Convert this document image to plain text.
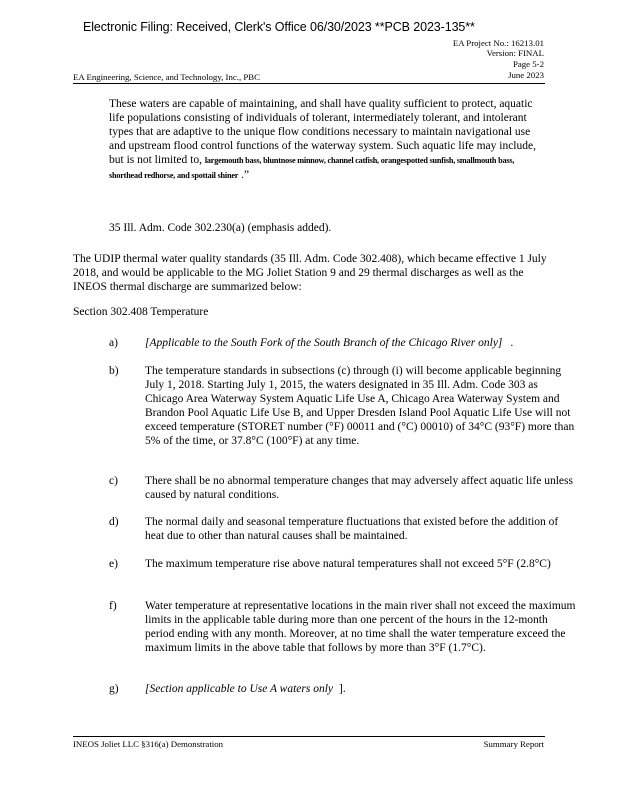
Electronic Filing: Received, Clerk's Office 06/30/2023 **PCB 2023-135**
EA Project No.: 16213.01
Version: FINAL
Page 5-2
June 2023
EA Engineering, Science, and Technology, Inc., PBC
These waters are capable of maintaining, and shall have quality sufficient to protect, aquatic life populations consisting of individuals of tolerant, intermediately tolerant, and intolerant types that are adaptive to the unique flow conditions necessary to maintain navigational use and upstream flood control functions of the waterway system. Such aquatic life may include, but is not limited to, largemouth bass, bluntnose minnow, channel catfish, orangespotted sunfish, smallmouth bass, shorthead redhorse, and spottail shiner .”
35 Ill. Adm. Code 302.230(a) (emphasis added).
The UDIP thermal water quality standards (35 Ill. Adm. Code 302.408), which became effective 1 July 2018, and would be applicable to the MG Joliet Station 9 and 29 thermal discharges as well as the INEOS thermal discharge are summarized below:
Section 302.408 Temperature
a) [Applicable to the South Fork of the South Branch of the Chicago River only] .
b) The temperature standards in subsections (c) through (i) will become applicable beginning July 1, 2018. Starting July 1, 2015, the waters designated in 35 Ill. Adm. Code 303 as Chicago Area Waterway System Aquatic Life Use A, Chicago Area Waterway System and Brandon Pool Aquatic Life Use B, and Upper Dresden Island Pool Aquatic Life Use will not exceed temperature (STORET number (°F) 00011 and (°C) 00010) of 34°C (93°F) more than 5% of the time, or 37.8°C (100°F) at any time.
c) There shall be no abnormal temperature changes that may adversely affect aquatic life unless caused by natural conditions.
d) The normal daily and seasonal temperature fluctuations that existed before the addition of heat due to other than natural causes shall be maintained.
e) The maximum temperature rise above natural temperatures shall not exceed 5°F (2.8°C)
f) Water temperature at representative locations in the main river shall not exceed the maximum limits in the applicable table during more than one percent of the hours in the 12-month period ending with any month. Moreover, at no time shall the water temperature exceed the maximum limits in the above table that follows by more than 3°F (1.7°C).
g) [Section applicable to Use A waters only ].
INEOS Joliet LLC §316(a) Demonstration	Summary Report
